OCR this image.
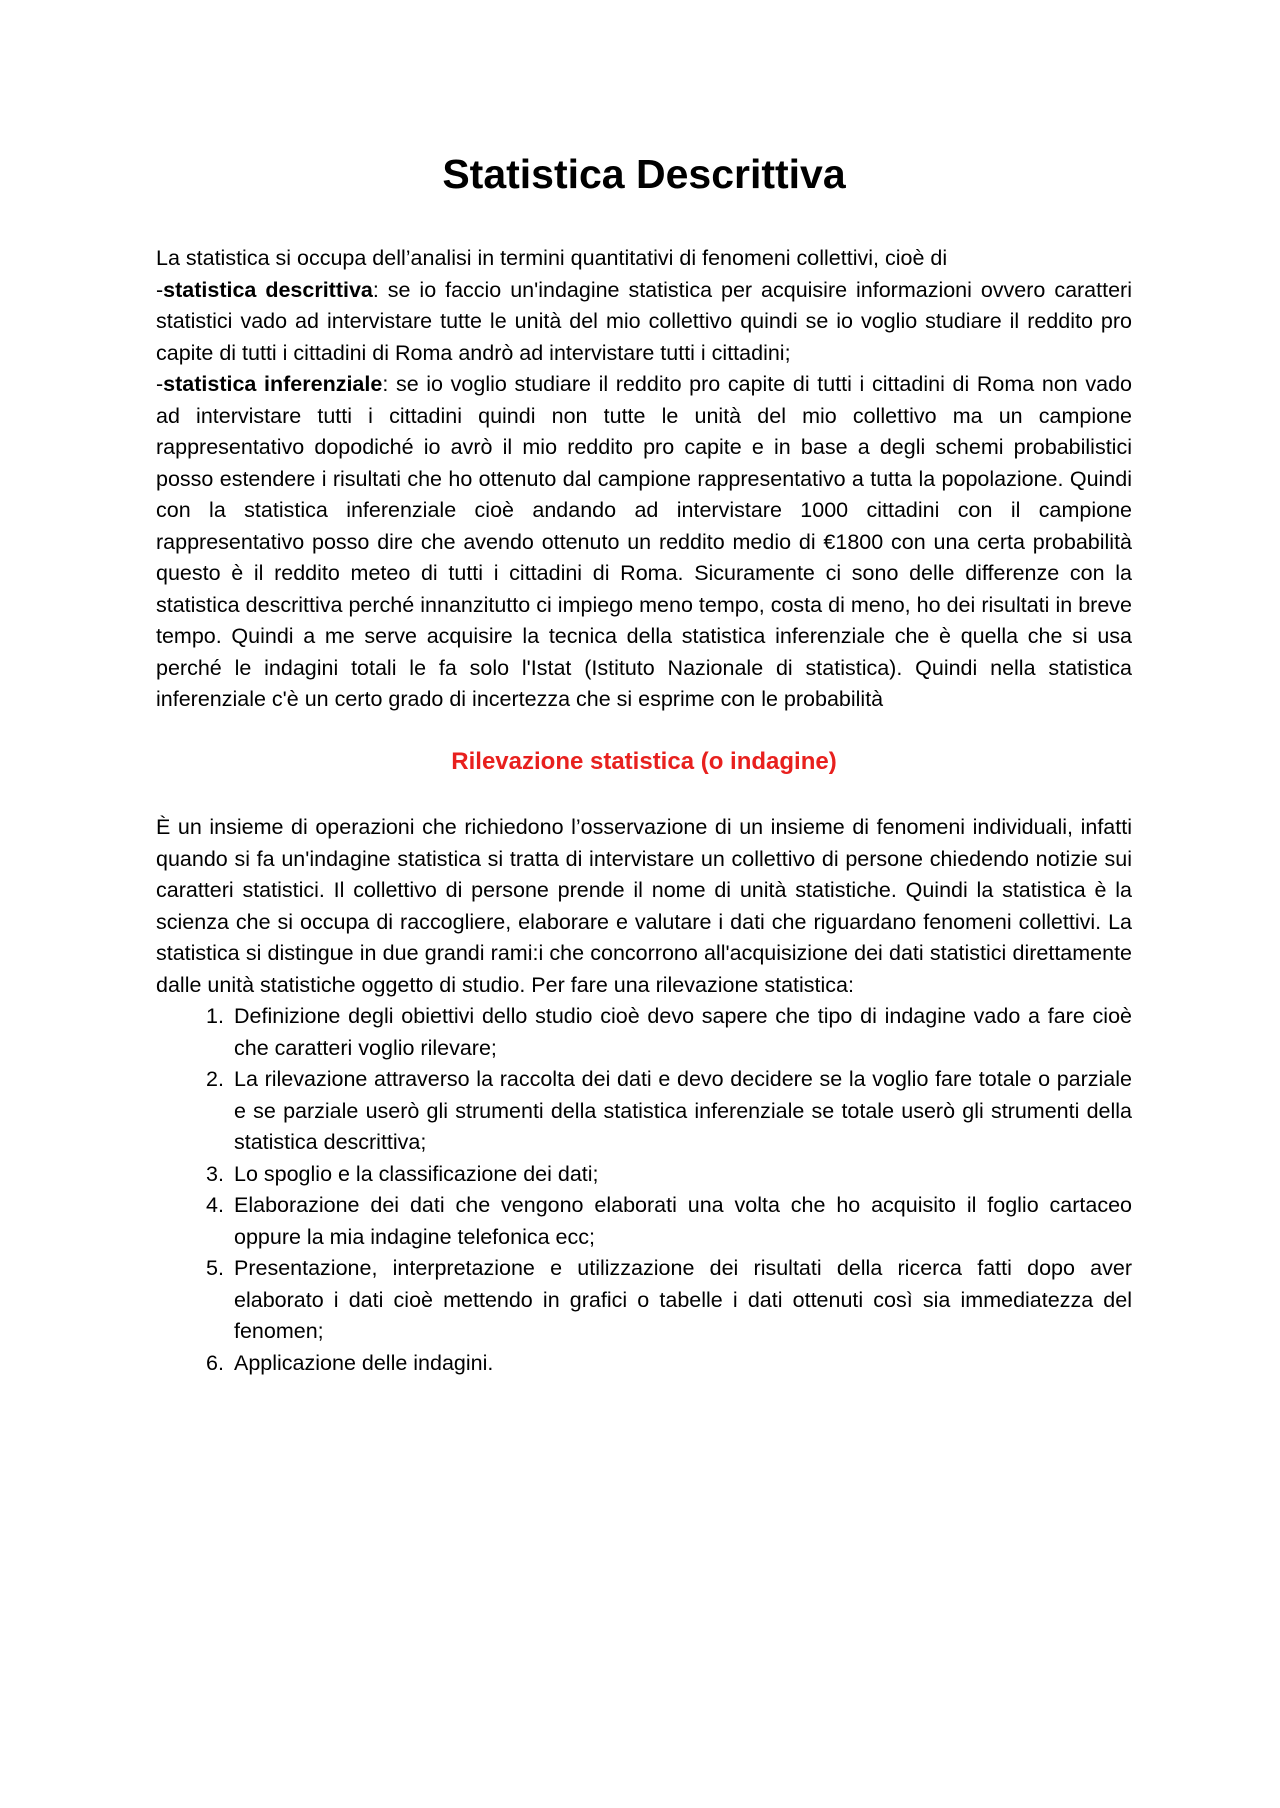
Statistica Descrittiva

La statistica si occupa dell’analisi in termini quantitativi di fenomeni collettivi, cioè di
-statistica descrittiva: se io faccio un'indagine statistica per acquisire informazioni ovvero caratteri statistici vado ad intervistare tutte le unità del mio collettivo quindi se io voglio studiare il reddito pro capite di tutti i cittadini di Roma andrò ad intervistare tutti i cittadini;
-statistica inferenziale: se io voglio studiare il reddito pro capite di tutti i cittadini di Roma non vado ad intervistare tutti i cittadini quindi non tutte le unità del mio collettivo ma un campione rappresentativo dopodiché io avrò il mio reddito pro capite e in base a degli schemi probabilistici posso estendere i risultati che ho ottenuto dal campione rappresentativo a tutta la popolazione. Quindi con la statistica inferenziale cioè andando ad intervistare 1000 cittadini con il campione rappresentativo posso dire che avendo ottenuto un reddito medio di €1800 con una certa probabilità questo è il reddito meteo di tutti i cittadini di Roma. Sicuramente ci sono delle differenze con la statistica descrittiva perché innanzitutto ci impiego meno tempo, costa di meno, ho dei risultati in breve tempo. Quindi a me serve acquisire la tecnica della statistica inferenziale che è quella che si usa perché le indagini totali le fa solo l'Istat (Istituto Nazionale di statistica). Quindi nella statistica inferenziale c'è un certo grado di incertezza che si esprime con le probabilità

Rilevazione statistica (o indagine)

È un insieme di operazioni che richiedono l’osservazione di un insieme di fenomeni individuali, infatti quando si fa un'indagine statistica si tratta di intervistare un collettivo di persone chiedendo notizie sui caratteri statistici. Il collettivo di persone prende il nome di unità statistiche. Quindi la statistica è la scienza che si occupa di raccogliere, elaborare e valutare i dati che riguardano fenomeni collettivi. La statistica si distingue in due grandi rami:i che concorrono all'acquisizione dei dati statistici direttamente dalle unità statistiche oggetto di studio. Per fare una rilevazione statistica:

1. Definizione degli obiettivi dello studio cioè devo sapere che tipo di indagine vado a fare cioè che caratteri voglio rilevare;
2. La rilevazione attraverso la raccolta dei dati e devo decidere se la voglio fare totale o parziale e se parziale userò gli strumenti della statistica inferenziale se totale userò gli strumenti della statistica descrittiva;
3. Lo spoglio e la classificazione dei dati;
4. Elaborazione dei dati che vengono elaborati una volta che ho acquisito il foglio cartaceo oppure la mia indagine telefonica ecc;
5. Presentazione, interpretazione e utilizzazione dei risultati della ricerca fatti dopo aver elaborato i dati cioè mettendo in grafici o tabelle i dati ottenuti così sia immediatezza del fenomen;
6. Applicazione delle indagini.
